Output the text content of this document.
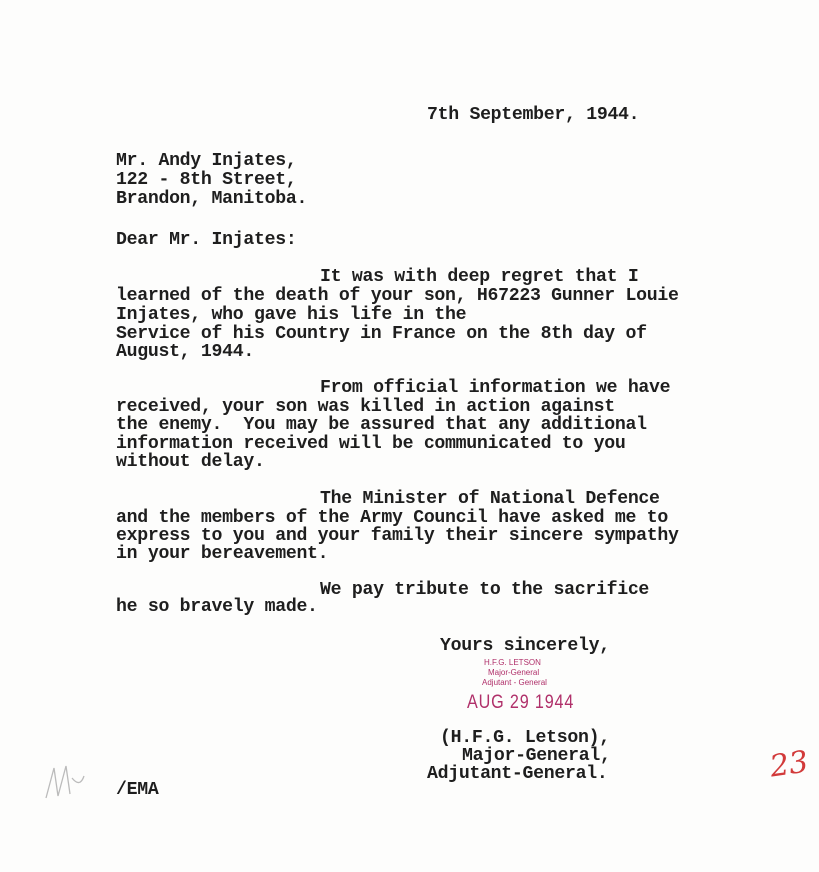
7th September, 1944.
Mr. Andy Injates,
122 - 8th Street,
Brandon, Manitoba.
Dear Mr. Injates:
It was with deep regret that I
learned of the death of your son, H67223 Gunner Louie
Injates, who gave his life in the
Service of his Country in France on the 8th day of
August, 1944.
From official information we have
received, your son was killed in action against
the enemy.  You may be assured that any additional
information received will be communicated to you
without delay.
The Minister of National Defence
and the members of the Army Council have asked me to
express to you and your family their sincere sympathy
in your bereavement.
We pay tribute to the sacrifice
he so bravely made.
Yours sincerely,
H.F.G. LETSON
Major-General
Adjutant - General
AUG 29 1944
(H.F.G. Letson),
Major-General,
Adjutant-General.
/EMA
23
